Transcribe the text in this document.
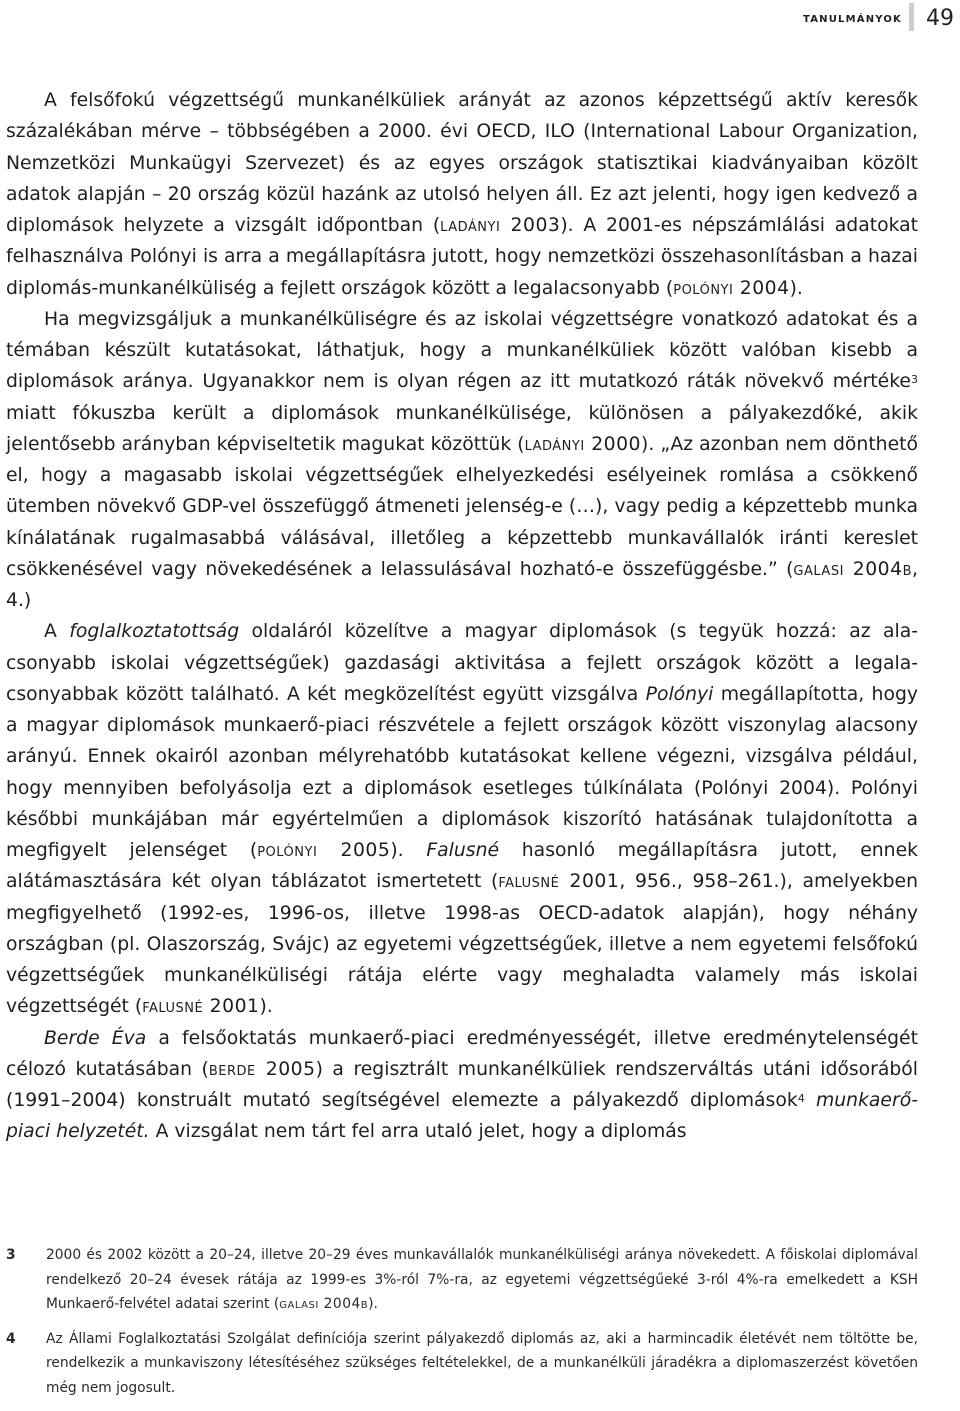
tanulmányok 49

A felsőfokú végzettségű munkanélküliek arányát az azonos képzettségű aktív keresők százalékában mérve – többségében a 2000. évi OECD, ILO (International Labour Organization, Nemzetközi Munkaügyi Szervezet) és az egyes országok statisztikai kiadványaiban közölt adatok alapján – 20 ország közül hazánk az utolsó helyen áll. Ez azt jelenti, hogy igen kedvező a diplomások helyzete a vizsgált időpontban (ladányi 2003). A 2001-es népszámlálási adatokat felhasználva Polónyi is arra a megállapításra jutott, hogy nemzetközi összehasonlításban a hazai diplomás-munkanélküliség a fejlett országok között a legalacsonyabb (polónyi 2004).

Ha megvizsgáljuk a munkanélküliségre és az iskolai végzettségre vonatkozó adatokat és a témában készült kutatásokat, láthatjuk, hogy a munkanélküliek között valóban kisebb a diplomások aránya. Ugyanakkor nem is olyan régen az itt mutatkozó ráták növekvő mértéke$^3$ miatt fókuszba került a diplomások munkanélkülisége, különösen a pályakezdőké, akik jelentősebb arányban képviseltetik magukat közöttük (ladányi 2000). „Az azonban nem dönthető el, hogy a magasabb iskolai végzettségűek elhelyezkedési esélyeinek romlása a csökkenő ütemben növekvő GDP-vel összefüggő átmeneti jelenség-e (…), vagy pedig a képzettebb munka kínálatának rugalmasabbá válásával, illetőleg a képzettebb munkavállalók iránti kereslet csökkenésével vagy növekedésének a lelassulásával hozható-e összefüggésbe.” (galasi 2004b, 4.)

A foglalkoztatottság oldaláról közelítve a magyar diplomások (s tegyük hozzá: az alacsonyabb iskolai végzettségűek) gazdasági aktivitása a fejlett országok között a legalacsonyabbak között található. A két megközelítést együtt vizsgálva Polónyi megállapította, hogy a magyar diplomások munkaerő-piaci részvétele a fejlett országok között viszonylag alacsony arányú. Ennek okairól azonban mélyrehatóbb kutatásokat kellene végezni, vizsgálva például, hogy mennyiben befolyásolja ezt a diplomások esetleges túlkínálata (Polónyi 2004). Polónyi későbbi munkájában már egyértelműen a diplomások kiszorító hatásának tulajdonította a megfigyelt jelenséget (polónyi 2005). Falusné hasonló megállapításra jutott, ennek alátámasztására két olyan táblázatot ismertetett (falusné 2001, 956., 958–261.), amelyekben megfigyelhető (1992-es, 1996-os, illetve 1998-as OECD-adatok alapján), hogy néhány országban (pl. Olaszország, Svájc) az egyetemi végzettségűek, illetve a nem egyetemi felsőfokú végzettségűek munkanélküliségi rátája elérte vagy meghaladta valamely más iskolai végzettségét (falusné 2001).

Berde Éva a felsőoktatás munkaerő-piaci eredményességét, illetve eredménytelenségét célozó kutatásában (berde 2005) a regisztrált munkanélküliek rendszerváltás utáni idősorából (1991–2004) konstruált mutató segítségével elemezte a pályakezdő diplomások$^4$ munkaerő-piaci helyzetét. A vizsgálat nem tárt fel arra utaló jelet, hogy a diplomás

3 2000 és 2002 között a 20–24, illetve 20–29 éves munkavállalók munkanélküliségi aránya növekedett. A főiskolai diplomával rendelkező 20–24 évesek rátája az 1999-es 3%-ról 7%-ra, az egyetemi végzettségűeké 3-ról 4%-ra emelkedett a KSH Munkaerő-felvétel adatai szerint (galasi 2004b).
4 Az Állami Foglalkoztatási Szolgálat definíciója szerint pályakezdő diplomás az, aki a harmincadik életévét nem töltötte be, rendelkezik a munkaviszony létesítéséhez szükséges feltételekkel, de a munkanélküli járadékra a diplomaszerzést követően még nem jogosult.
